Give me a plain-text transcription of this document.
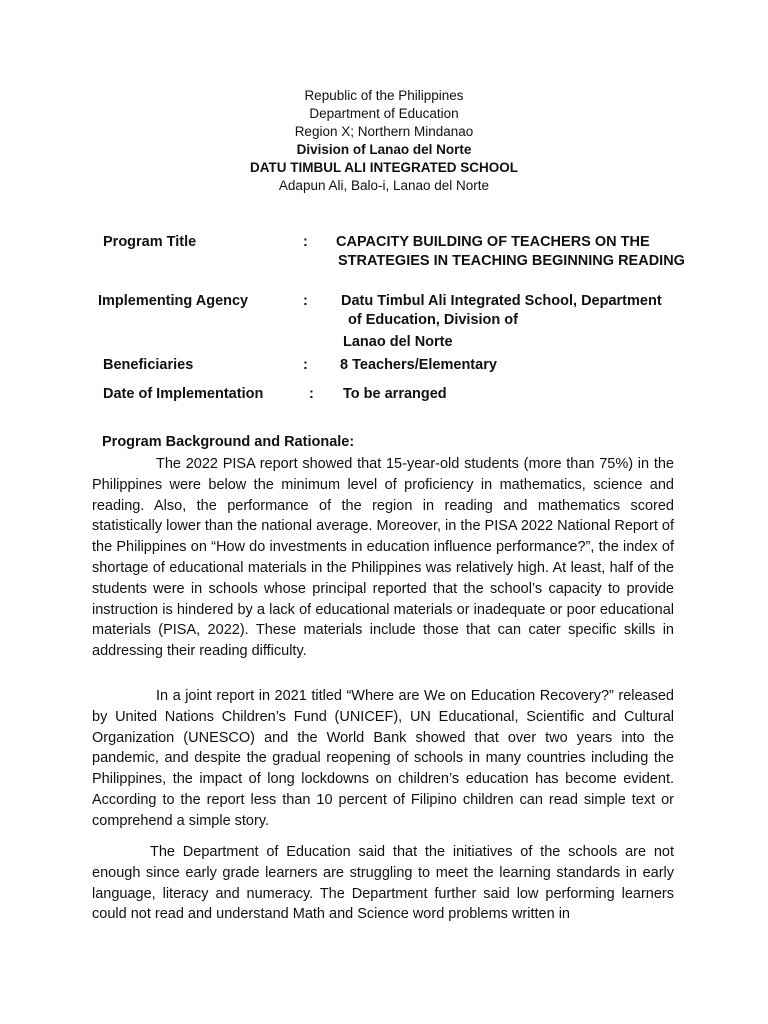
Republic of the Philippines
Department of Education
Region X; Northern Mindanao
Division of Lanao del Norte
DATU TIMBUL ALI INTEGRATED SCHOOL
Adapun Ali, Balo-i, Lanao del Norte
Program Title	: CAPACITY BUILDING OF TEACHERS ON THE
STRATEGIES IN TEACHING BEGINNING READING
Implementing Agency	: Datu Timbul Ali Integrated School, Department
of Education, Division of
Lanao del Norte
Beneficiaries	: 8 Teachers/Elementary
Date of Implementation	: To be arranged
Program Background and Rationale:

The 2022 PISA report showed that 15-year-old students (more than 75%) in the Philippines were below the minimum level of proficiency in mathematics, science and reading. Also, the performance of the region in reading and mathematics scored statistically lower than the national average. Moreover, in the PISA 2022 National Report of the Philippines on “How do investments in education influence performance?”, the index of shortage of educational materials in the Philippines was relatively high. At least, half of the students were in schools whose principal reported that the school’s capacity to provide instruction is hindered by a lack of educational materials or inadequate or poor educational materials (PISA, 2022). These materials include those that can cater specific skills in addressing their reading difficulty.

In a joint report in 2021 titled “Where are We on Education Recovery?” released by United Nations Children’s Fund (UNICEF), UN Educational, Scientific and Cultural Organization (UNESCO) and the World Bank showed that over two years into the pandemic, and despite the gradual reopening of schools in many countries including the Philippines, the impact of long lockdowns on children’s education has become evident. According to the report less than 10 percent of Filipino children can read simple text or comprehend a simple story.

The Department of Education said that the initiatives of the schools are not enough since early grade learners are struggling to meet the learning standards in early language, literacy and numeracy. The Department further said low performing learners could not read and understand Math and Science word problems written in
